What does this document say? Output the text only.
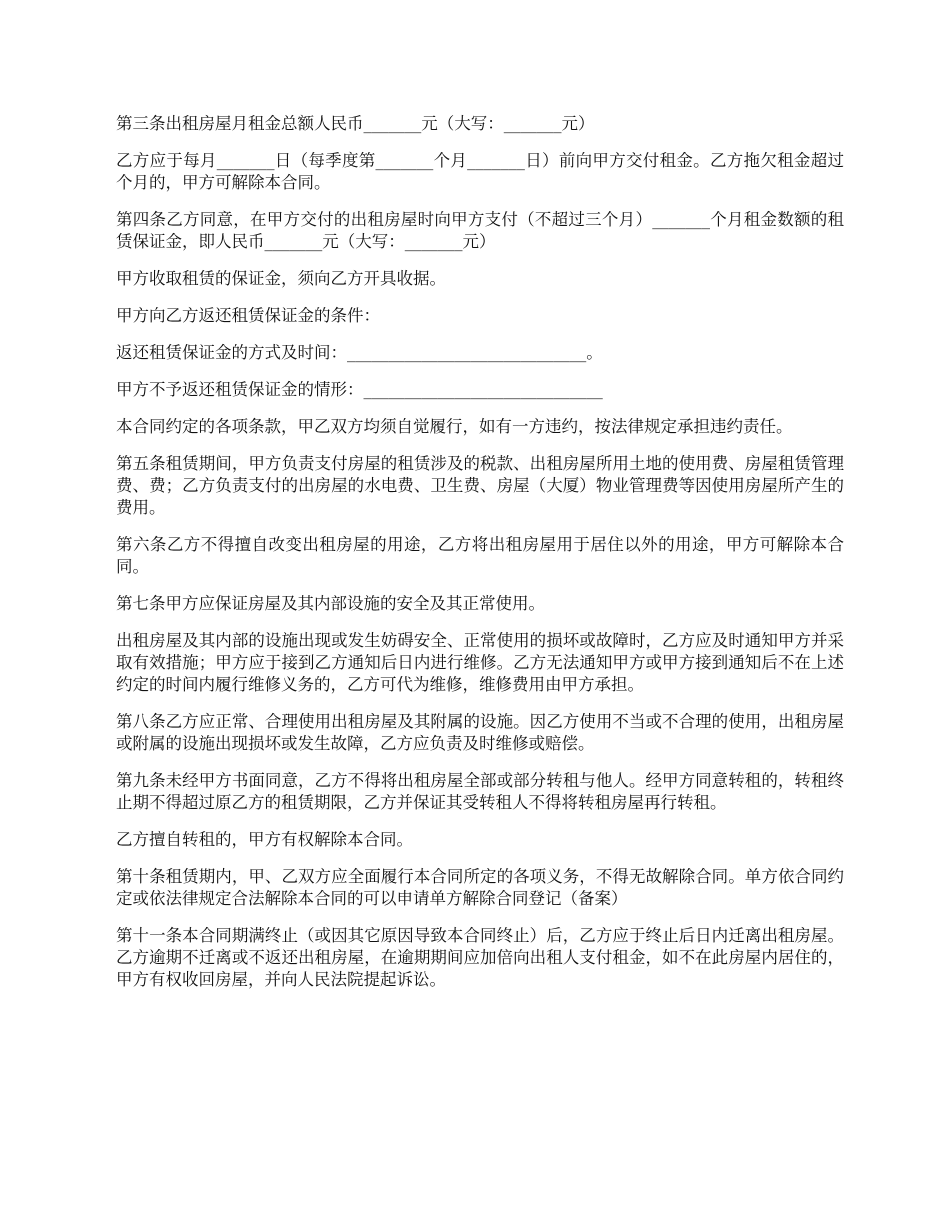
第三条出租房屋月租金总额人民币_______元（大写：_______元）

乙方应于每月_______日（每季度第_______个月_______日）前向甲方交付租金。乙方拖欠租金超过个月的，甲方可解除本合同。

第四条乙方同意，在甲方交付的出租房屋时向甲方支付（不超过三个月）_______个月租金数额的租赁保证金，即人民币_______元（大写：_______元）

甲方收取租赁的保证金，须向乙方开具收据。

甲方向乙方返还租赁保证金的条件：

返还租赁保证金的方式及时间：_____________________________。

甲方不予返还租赁保证金的情形：_____________________________

本合同约定的各项条款，甲乙双方均须自觉履行，如有一方违约，按法律规定承担违约责任。

第五条租赁期间，甲方负责支付房屋的租赁涉及的税款、出租房屋所用土地的使用费、房屋租赁管理费、费；乙方负责支付的出房屋的水电费、卫生费、房屋（大厦）物业管理费等因使用房屋所产生的费用。

第六条乙方不得擅自改变出租房屋的用途，乙方将出租房屋用于居住以外的用途，甲方可解除本合同。

第七条甲方应保证房屋及其内部设施的安全及其正常使用。

出租房屋及其内部的设施出现或发生妨碍安全、正常使用的损坏或故障时，乙方应及时通知甲方并采取有效措施；甲方应于接到乙方通知后日内进行维修。乙方无法通知甲方或甲方接到通知后不在上述约定的时间内履行维修义务的，乙方可代为维修，维修费用由甲方承担。

第八条乙方应正常、合理使用出租房屋及其附属的设施。因乙方使用不当或不合理的使用，出租房屋或附属的设施出现损坏或发生故障，乙方应负责及时维修或赔偿。

第九条未经甲方书面同意，乙方不得将出租房屋全部或部分转租与他人。经甲方同意转租的，转租终止期不得超过原乙方的租赁期限，乙方并保证其受转租人不得将转租房屋再行转租。

乙方擅自转租的，甲方有权解除本合同。

第十条租赁期内，甲、乙双方应全面履行本合同所定的各项义务，不得无故解除合同。单方依合同约定或依法律规定合法解除本合同的可以申请单方解除合同登记（备案）

第十一条本合同期满终止（或因其它原因导致本合同终止）后，乙方应于终止后日内迁离出租房屋。乙方逾期不迁离或不返还出租房屋，在逾期期间应加倍向出租人支付租金，如不在此房屋内居住的，甲方有权收回房屋，并向人民法院提起诉讼。
